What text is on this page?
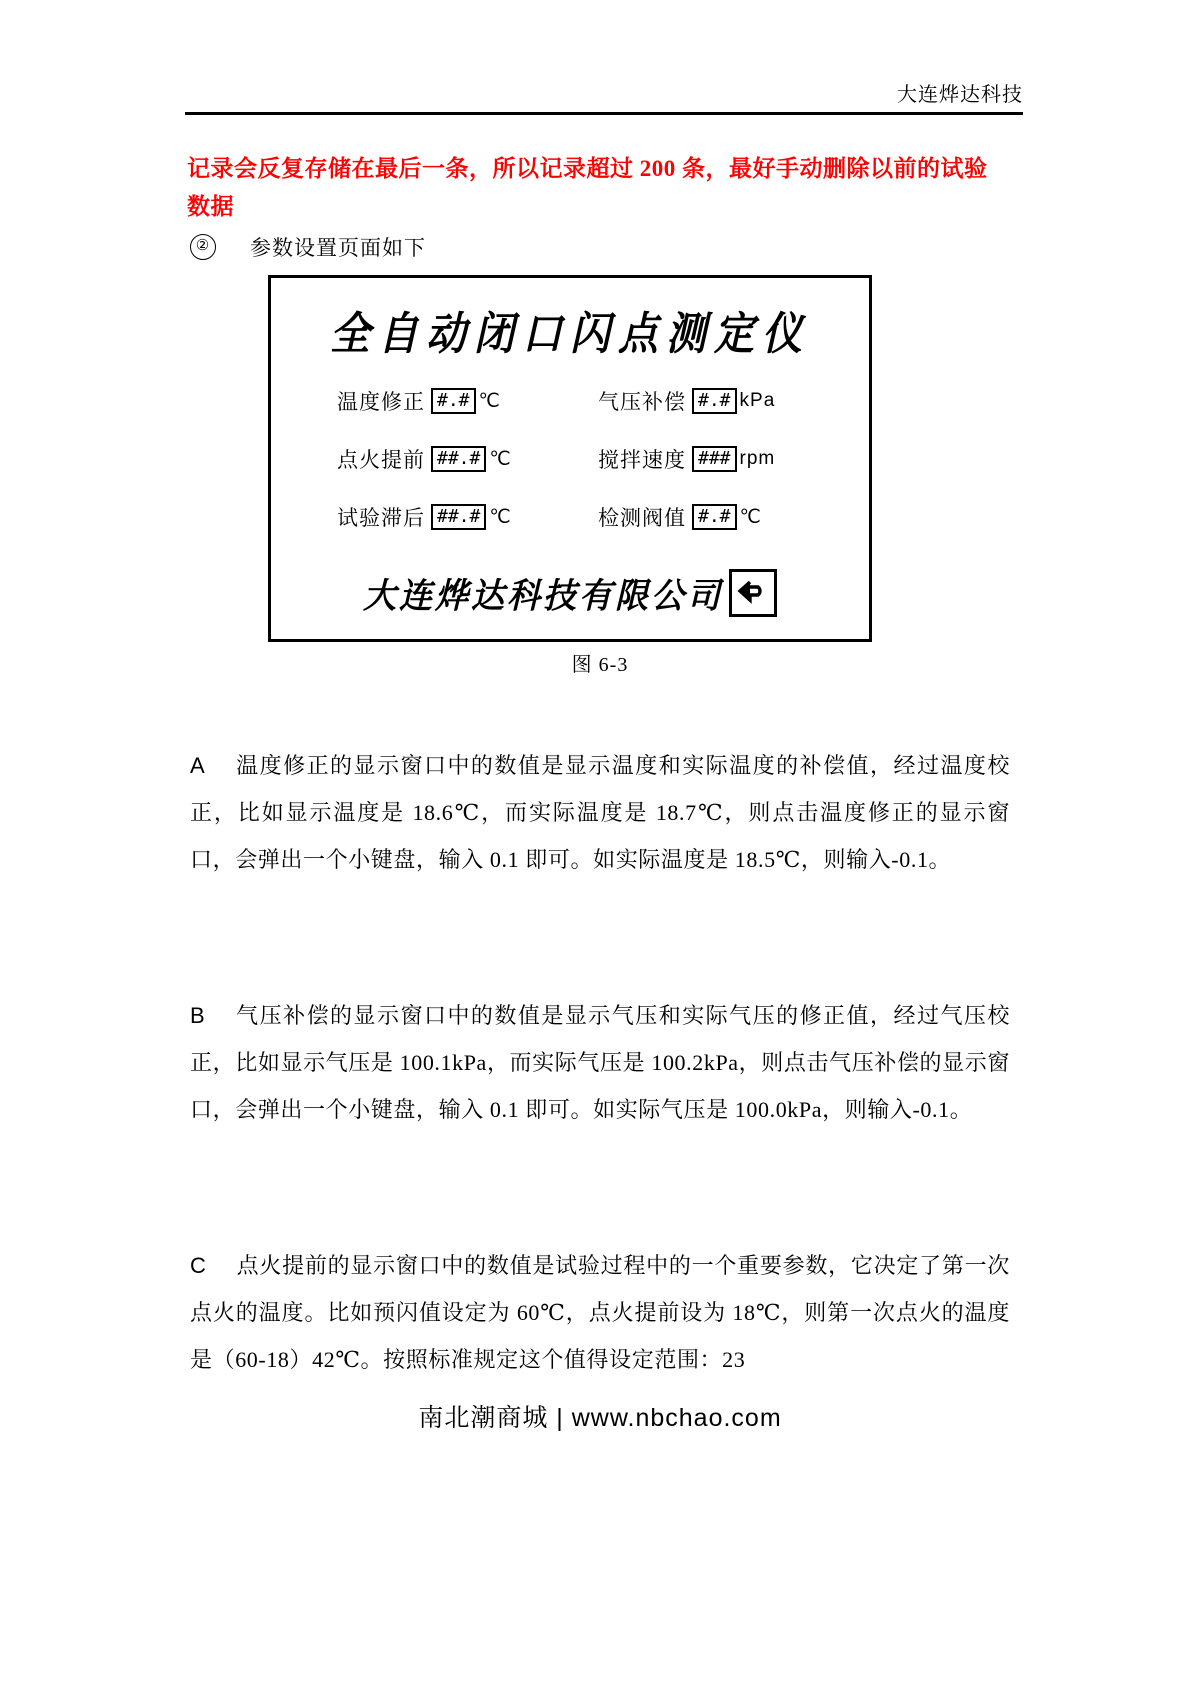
大连烨达科技
记录会反复存储在最后一条，所以记录超过 200 条，最好手动删除以前的试验数据
② 参数设置页面如下
全自动闭口闪点测定仪
温度修正 #.# ℃	气压补偿 #.# kPa
点火提前 ##.# ℃	搅拌速度 ### rpm
试验滞后 ##.# ℃	检测阀值 #.# ℃
大连烨达科技有限公司
图 6-3
A 温度修正的显示窗口中的数值是显示温度和实际温度的补偿值，经过温度校正，比如显示温度是 18.6℃，而实际温度是 18.7℃，则点击温度修正的显示窗口，会弹出一个小键盘，输入 0.1 即可。如实际温度是 18.5℃，则输入-0.1。
B 气压补偿的显示窗口中的数值是显示气压和实际气压的修正值，经过气压校正，比如显示气压是 100.1kPa，而实际气压是 100.2kPa，则点击气压补偿的显示窗口，会弹出一个小键盘，输入 0.1 即可。如实际气压是 100.0kPa，则输入-0.1。
C 点火提前的显示窗口中的数值是试验过程中的一个重要参数，它决定了第一次点火的温度。比如预闪值设定为 60℃，点火提前设为 18℃，则第一次点火的温度是（60-18）42℃。按照标准规定这个值得设定范围：23
南北潮商城 | www.nbchao.com
